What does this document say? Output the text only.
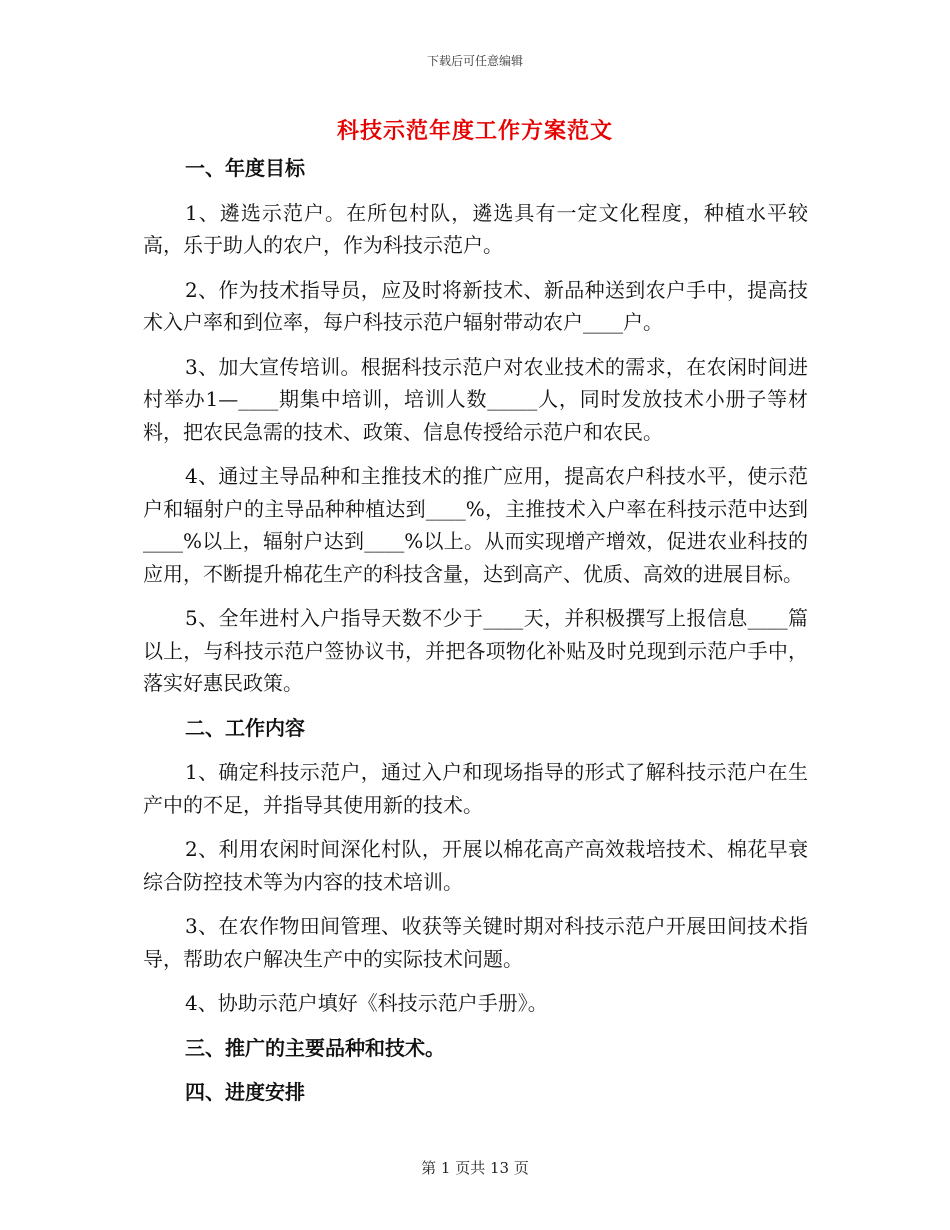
下载后可任意编辑
科技示范年度工作方案范文

一、年度目标

1、遴选示范户。在所包村队，遴选具有一定文化程度，种植水平较高，乐于助人的农户，作为科技示范户。

2、作为技术指导员，应及时将新技术、新品种送到农户手中，提高技术入户率和到位率，每户科技示范户辐射带动农户____户。

3、加大宣传培训。根据科技示范户对农业技术的需求，在农闲时间进村举办1—____期集中培训，培训人数_____人，同时发放技术小册子等材料，把农民急需的技术、政策、信息传授给示范户和农民。

4、通过主导品种和主推技术的推广应用，提高农户科技水平，使示范户和辐射户的主导品种种植达到____%，主推技术入户率在科技示范中达到____%以上，辐射户达到____%以上。从而实现增产增效，促进农业科技的应用，不断提升棉花生产的科技含量，达到高产、优质、高效的进展目标。

5、全年进村入户指导天数不少于____天，并积极撰写上报信息____篇以上，与科技示范户签协议书，并把各项物化补贴及时兑现到示范户手中，落实好惠民政策。

二、工作内容

1、确定科技示范户，通过入户和现场指导的形式了解科技示范户在生产中的不足，并指导其使用新的技术。

2、利用农闲时间深化村队，开展以棉花高产高效栽培技术、棉花早衰综合防控技术等为内容的技术培训。

3、在农作物田间管理、收获等关键时期对科技示范户开展田间技术指导，帮助农户解决生产中的实际技术问题。

4、协助示范户填好《科技示范户手册》。

三、推广的主要品种和技术。

四、进度安排

第 1 页共 13 页
